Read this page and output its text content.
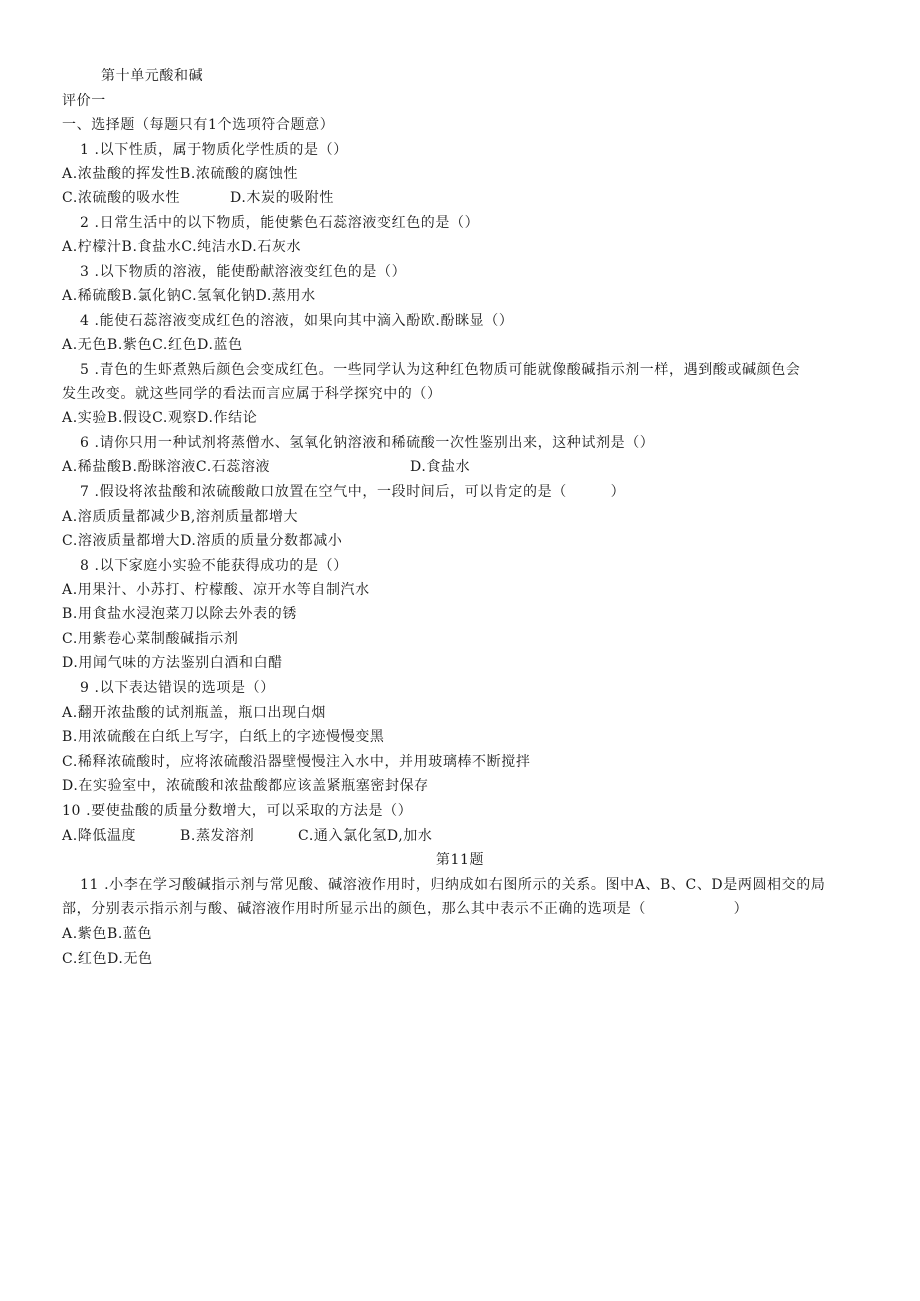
第十单元酸和碱
评价一
一、选择题（每题只有1个选项符合题意）
1 .以下性质，属于物质化学性质的是（）
A.浓盐酸的挥发性B.浓硫酸的腐蚀性
C.浓硫酸的吸水性	D.木炭的吸附性
2 .日常生活中的以下物质，能使紫色石蕊溶液变红色的是（）
A.柠檬汁B.食盐水C.纯洁水D.石灰水
3 .以下物质的溶液，能使酚献溶液变红色的是（）
A.稀硫酸B.氯化钠C.氢氧化钠D.蒸用水
4 .能使石蕊溶液变成红色的溶液，如果向其中滴入酚欧.酚眯显（）
A.无色B.紫色C.红色D.蓝色
5 .青色的生虾煮熟后颜色会变成红色。一些同学认为这种红色物质可能就像酸碱指示剂一样，遇到酸或碱颜色会
发生改变。就这些同学的看法而言应属于科学探究中的（）
A.实验B.假设C.观察D.作结论
6 .请你只用一种试剂将蒸僧水、氢氧化钠溶液和稀硫酸一次性鉴别出来，这种试剂是（）
A.稀盐酸B.酚眯溶液C.石蕊溶液	D.食盐水
7 .假设将浓盐酸和浓硫酸敞口放置在空气中，一段时间后，可以肯定的是（　　　）
A.溶质质量都减少B,溶剂质量都增大
C.溶液质量都增大D.溶质的质量分数都减小
8 .以下家庭小实验不能获得成功的是（）
A.用果汁、小苏打、柠檬酸、凉开水等自制汽水
B.用食盐水浸泡菜刀以除去外表的锈
C.用紫卷心菜制酸碱指示剂
D.用闻气味的方法鉴别白酒和白醋
9 .以下表达错误的选项是（）
A.翻开浓盐酸的试剂瓶盖，瓶口出现白烟
B.用浓硫酸在白纸上写字，白纸上的字迹慢慢变黑
C.稀释浓硫酸时，应将浓硫酸沿器壁慢慢注入水中，并用玻璃棒不断搅拌
D.在实验室中，浓硫酸和浓盐酸都应该盖紧瓶塞密封保存
10 .要使盐酸的质量分数增大，可以采取的方法是（）
A.降低温度	B.蒸发溶剂	C.通入氯化氢D,加水
第11题
11 .小李在学习酸碱指示剂与常见酸、碱溶液作用时，归纳成如右图所示的关系。图中A、B、C、D是两圆相交的局
部，分别表示指示剂与酸、碱溶液作用时所显示出的颜色，那么其中表示不正确的选项是（　　　　　　）
A.紫色B.蓝色
C.红色D.无色
